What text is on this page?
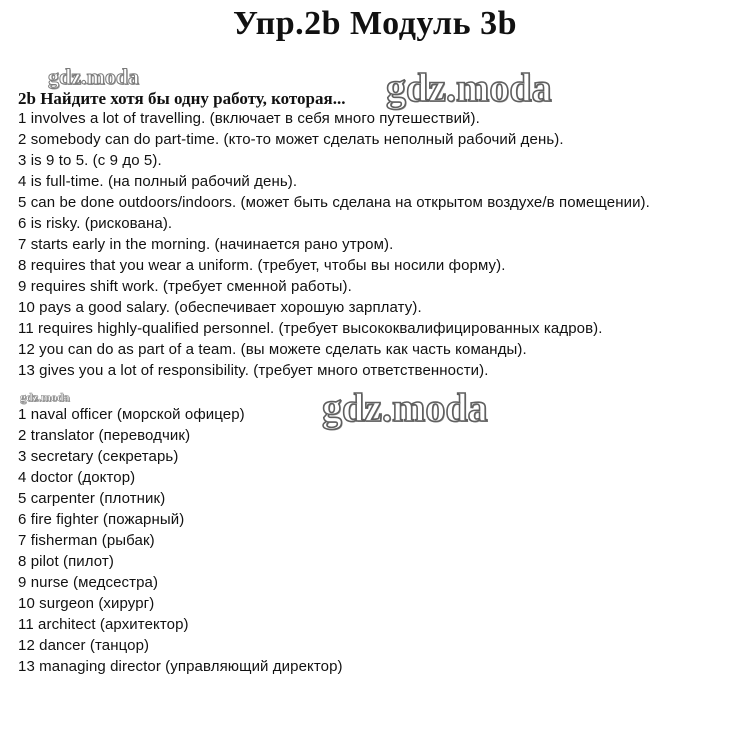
Упр.2b Модуль 3b
gdz.moda	gdz.moda
2b Найдите хотя бы одну работу, которая...
1 involves a lot of travelling. (включает в себя много путешествий).
2 somebody can do part-time. (кто-то может сделать неполный рабочий день).
3 is 9 to 5. (с 9 до 5).
4 is full-time. (на полный рабочий день).
5 can be done outdoors/indoors. (может быть сделана на открытом воздухе/в помещении).
6 is risky. (рискована).
7 starts early in the morning. (начинается рано утром).
8 requires that you wear a uniform. (требует, чтобы вы носили форму).
9 requires shift work. (требует сменной работы).
10 pays a good salary. (обеспечивает хорошую зарплату).
11 requires highly-qualified personnel. (требует высококвалифицированных кадров).
12 you can do as part of a team. (вы можете сделать как часть команды).
13 gives you a lot of responsibility. (требует много ответственности).
gdz.moda	gdz.moda
1 naval officer (морской офицер)
2 translator (переводчик)
3 secretary (секретарь)
4 doctor (доктор)
5 carpenter (плотник)
6 fire fighter (пожарный)
7 fisherman (рыбак)
8 pilot (пилот)
9 nurse (медсестра)
10 surgeon (хирург)
11 architect (архитектор)
12 dancer (танцор)
13 managing director (управляющий директор)
